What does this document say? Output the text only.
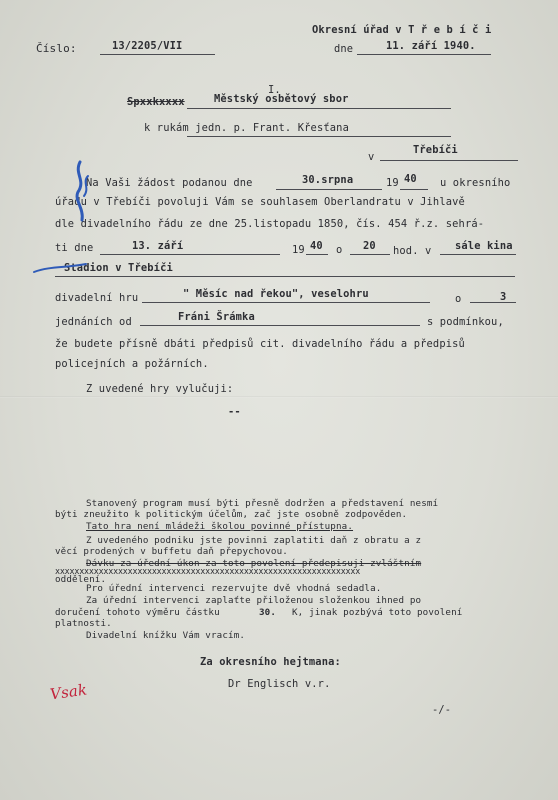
Okresní úřad v T ř e b í č i
Číslo:	13/2205/VII	dne	11. září 1940.
I.
Spxxkxxxx	Městský osbětový sbor
k rukám jedn. p. Frant. Křesťana
v
Třebíči
Na Vaši žádost podanou dne	30.srpna	19 40 u okresního
úřadu v Třebíči povoluji Vám se souhlasem Oberlandratu v Jihlavě
dle divadelního řádu ze dne 25.listopadu 1850, čís. 454 ř.z. sehrá-
ti dne	13. září	19 40 o 20 hod. v sále kina
Stadion v Třebíči
divadelní hru	" Měsíc nad řekou", veselohru	o	3
jednáních od	Fráni Šrámka	s podmínkou,
že budete přísně dbáti předpisů cit. divadelního řádu a předpisů
policejních a požárních.
Z uvedené hry vylučuji:
--
Stanovený program musí býti přesně dodržen a představení nesmí
býti zneužito k politickým účelům, zač jste osobně zodpověden.
Tato hra není mládeži školou povinné přístupna.
Z uvedeného podniku jste povinni zaplatiti daň z obratu a z
věcí prodených v buffetu daň přepychovou.
Dávku za úřední úkon za toto povolení předepisuji zvláštním
xxxxxxxxxxxxxxxxxxxxxxxxxxxxxxxxxxxxxxxxxxxxxxxxxxxxxxxxxxxxxxx
oddělení.
Pro úřední intervenci rezervujte dvě vhodná sedadla.
Za úřední intervenci zaplaťte přiloženou složenkou ihned po
doručení tohoto výměru částku	30. K, jinak pozbývá toto povolení
platnosti.
Divadelní knížku Vám vracím.
Za okresního hejtmana:
Dr Englisch v.r.
Vsak
-/-
